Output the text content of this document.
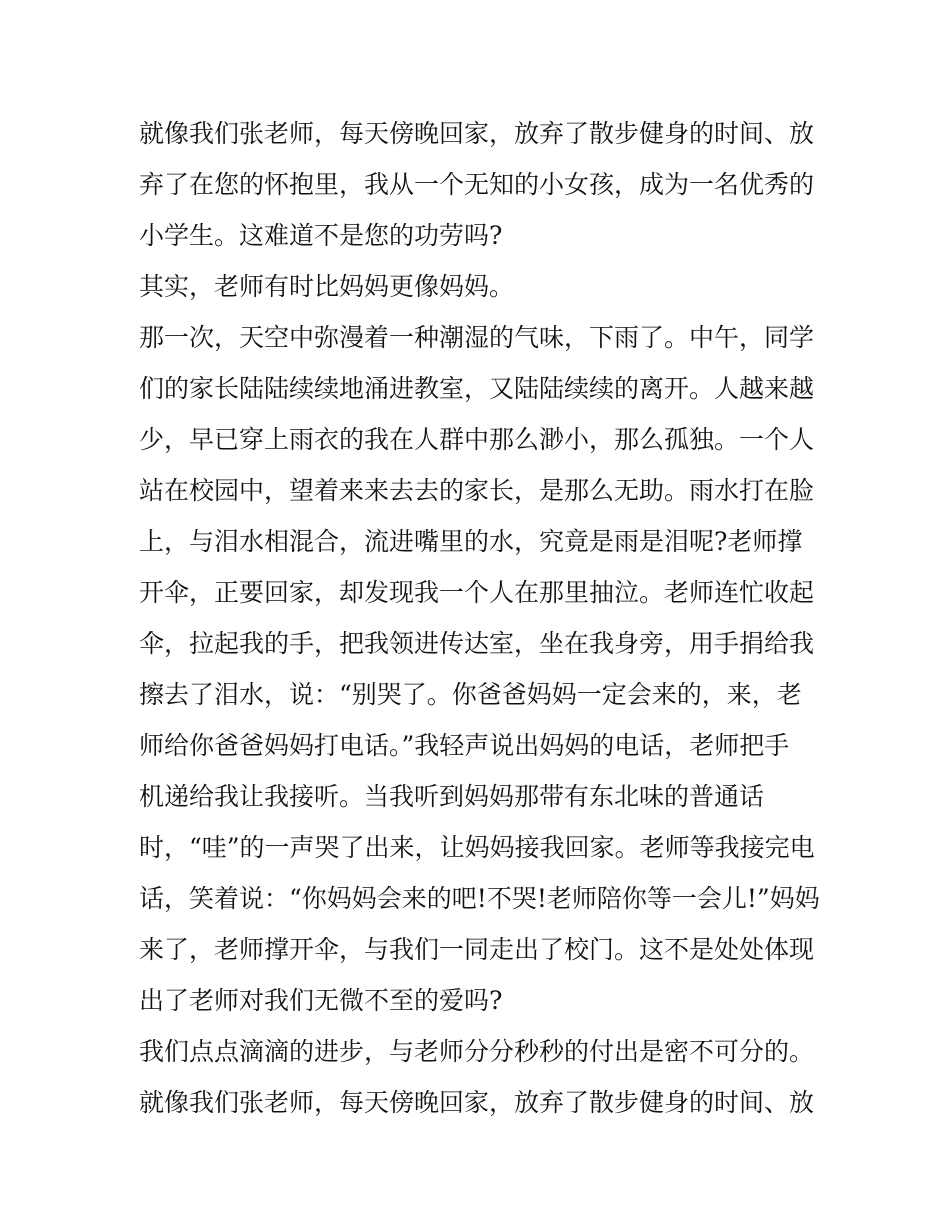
就像我们张老师，每天傍晚回家，放弃了散步健身的时间、放
弃了在您的怀抱里，我从一个无知的小女孩，成为一名优秀的
小学生。这难道不是您的功劳吗?
其实，老师有时比妈妈更像妈妈。
那一次，天空中弥漫着一种潮湿的气味，下雨了。中午，同学
们的家长陆陆续续地涌进教室，又陆陆续续的离开。人越来越
少，早已穿上雨衣的我在人群中那么渺小，那么孤独。一个人
站在校园中，望着来来去去的家长，是那么无助。雨水打在脸
上，与泪水相混合，流进嘴里的水，究竟是雨是泪呢?老师撑
开伞，正要回家，却发现我一个人在那里抽泣。老师连忙收起
伞，拉起我的手，把我领进传达室，坐在我身旁，用手捐给我
擦去了泪水，说：“别哭了。你爸爸妈妈一定会来的，来，老
师给你爸爸妈妈打电话。”我轻声说出妈妈的电话，老师把手
机递给我让我接听。当我听到妈妈那带有东北味的普通话
时，“哇”的一声哭了出来，让妈妈接我回家。老师等我接完电
话，笑着说：“你妈妈会来的吧!不哭!老师陪你等一会儿!”妈妈
来了，老师撑开伞，与我们一同走出了校门。这不是处处体现
出了老师对我们无微不至的爱吗?
我们点点滴滴的进步，与老师分分秒秒的付出是密不可分的。
就像我们张老师，每天傍晚回家，放弃了散步健身的时间、放
